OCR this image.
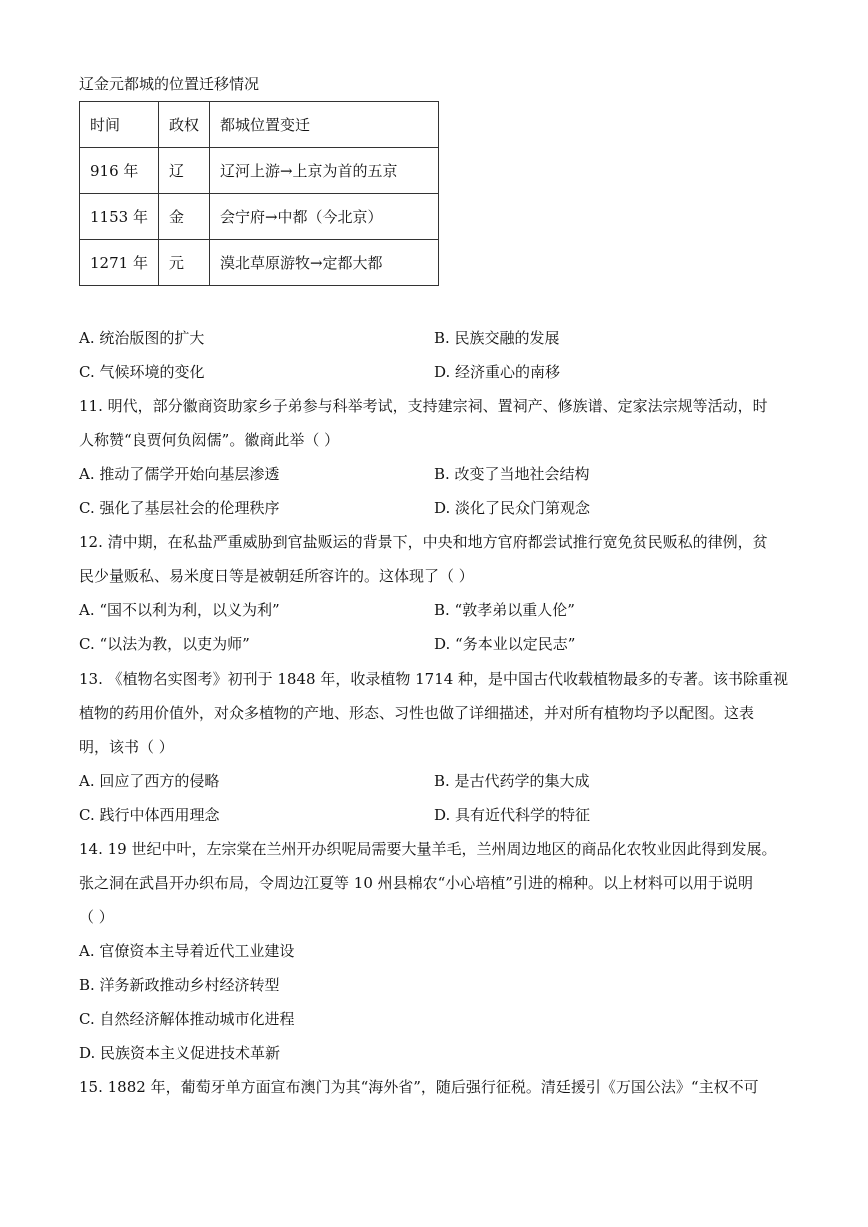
辽金元都城的位置迁移情况
时间	政权	都城位置变迁
916 年	辽	辽河上游→上京为首的五京
1153 年	金	会宁府→中都（今北京）
1271 年	元	漠北草原游牧→定都大都
A. 统治版图的扩大	B. 民族交融的发展
C. 气候环境的变化	D. 经济重心的南移
11. 明代，部分徽商资助家乡子弟参与科举考试，支持建宗祠、置祠产、修族谱、定家法宗规等活动，时
人称赞“良贾何负闳儒”。徽商此举（ ）
A. 推动了儒学开始向基层渗透	B. 改变了当地社会结构
C. 强化了基层社会的伦理秩序	D. 淡化了民众门第观念
12. 清中期，在私盐严重威胁到官盐贩运的背景下，中央和地方官府都尝试推行宽免贫民贩私的律例，贫
民少量贩私、易米度日等是被朝廷所容许的。这体现了（ ）
A. “国不以利为利，以义为利”	B. “敦孝弟以重人伦”
C. “以法为教，以吏为师”	D. “务本业以定民志”
13. 《植物名实图考》初刊于 1848 年，收录植物 1714 种，是中国古代收载植物最多的专著。该书除重视
植物的药用价值外，对众多植物的产地、形态、习性也做了详细描述，并对所有植物均予以配图。这表
明，该书（ ）
A. 回应了西方的侵略	B. 是古代药学的集大成
C. 践行中体西用理念	D. 具有近代科学的特征
14. 19 世纪中叶，左宗棠在兰州开办织呢局需要大量羊毛，兰州周边地区的商品化农牧业因此得到发展。
张之洞在武昌开办织布局，令周边江夏等 10 州县棉农“小心培植”引进的棉种。以上材料可以用于说明
（ ）
A. 官僚资本主导着近代工业建设
B. 洋务新政推动乡村经济转型
C. 自然经济解体推动城市化进程
D. 民族资本主义促进技术革新
15. 1882 年，葡萄牙单方面宣布澳门为其“海外省”，随后强行征税。清廷援引《万国公法》“主权不可
